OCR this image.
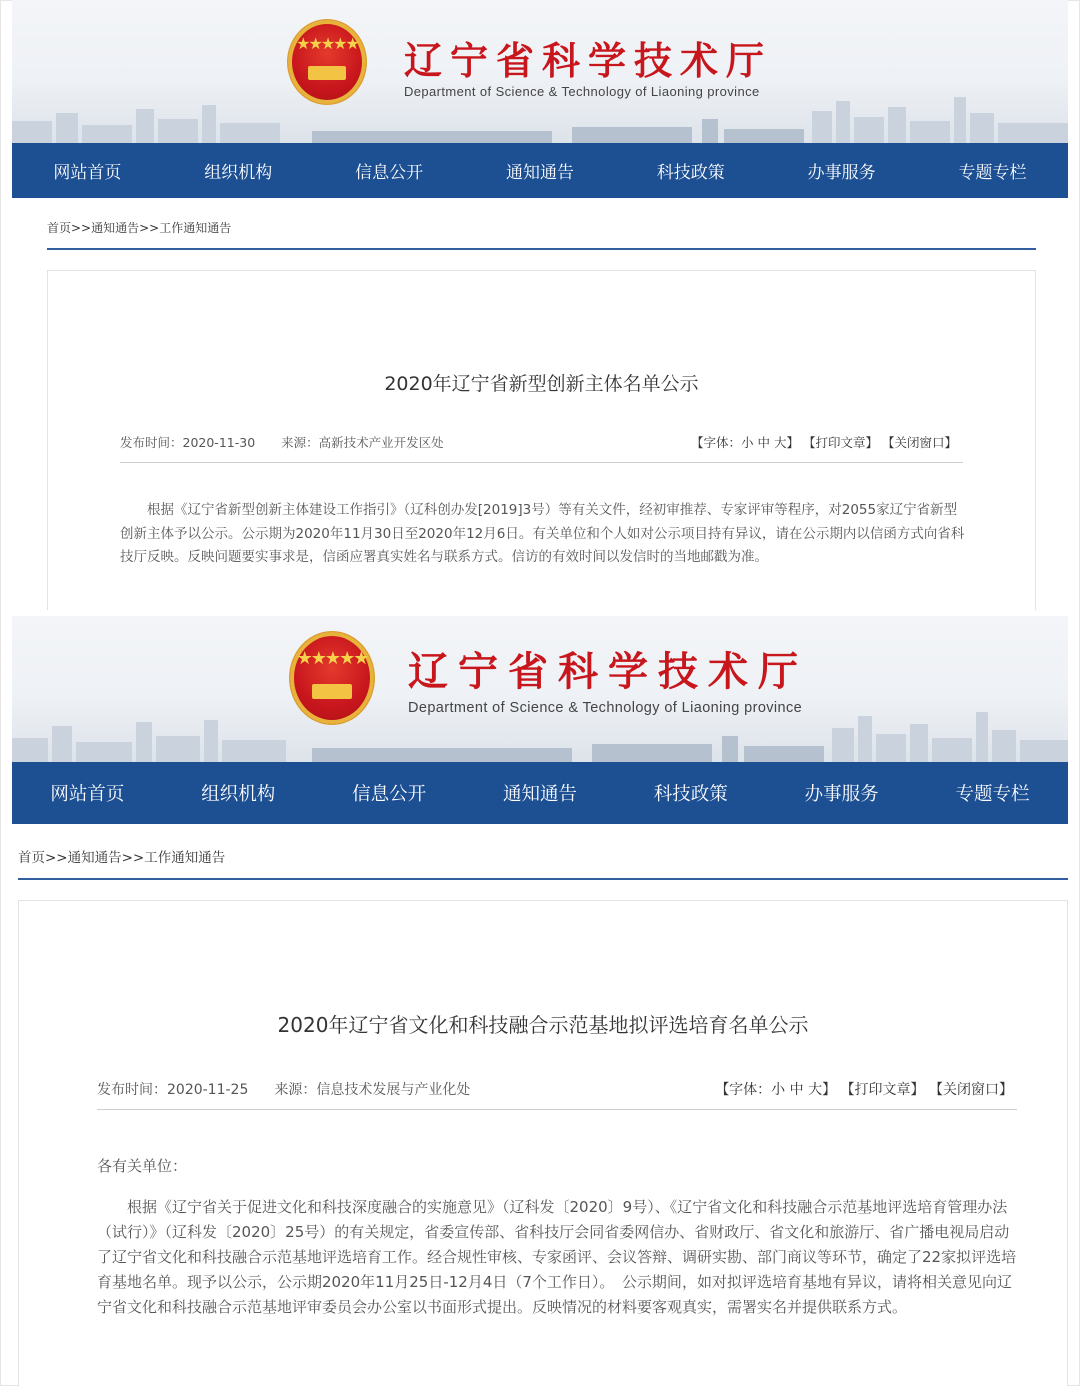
★★★★★ 辽宁省科学技术厅
Department of Science & Technology of Liaoning province
网站首页	组织机构	信息公开	通知通告	科技政策	办事服务	专题专栏
首页>>通知通告>>工作通知通告
2020年辽宁省新型创新主体名单公示
发布时间：2020-11-30 来源：高新技术产业开发区处	【字体：小 中 大】 【打印文章】 【关闭窗口】

根据《辽宁省新型创新主体建设工作指引》（辽科创办发[2019]3号）等有关文件，经初审推荐、专家评审等程序，对2055家辽宁省新型创新主体予以公示。公示期为2020年11月30日至2020年12月6日。有关单位和个人如对公示项目持有异议，请在公示期内以信函方式向省科技厅反映。反映问题要实事求是，信函应署真实姓名与联系方式。信访的有效时间以发信时的当地邮戳为准。

★★★★★ 辽宁省科学技术厅
Department of Science & Technology of Liaoning province
网站首页	组织机构	信息公开	通知通告	科技政策	办事服务	专题专栏
首页>>通知通告>>工作通知通告
2020年辽宁省文化和科技融合示范基地拟评选培育名单公示
发布时间：2020-11-25 来源：信息技术发展与产业化处	【字体：小 中 大】 【打印文章】 【关闭窗口】
各有关单位：

根据《辽宁省关于促进文化和科技深度融合的实施意见》（辽科发〔2020〕9号）、《辽宁省文化和科技融合示范基地评选培育管理办法（试行）》（辽科发〔2020〕25号）的有关规定，省委宣传部、省科技厅会同省委网信办、省财政厅、省文化和旅游厅、省广播电视局启动了辽宁省文化和科技融合示范基地评选培育工作。经合规性审核、专家函评、会议答辩、调研实勘、部门商议等环节，确定了22家拟评选培育基地名单。现予以公示，公示期2020年11月25日-12月4日（7个工作日）。　公示期间，如对拟评选培育基地有异议，请将相关意见向辽宁省文化和科技融合示范基地评审委员会办公室以书面形式提出。反映情况的材料要客观真实，需署实名并提供联系方式。
